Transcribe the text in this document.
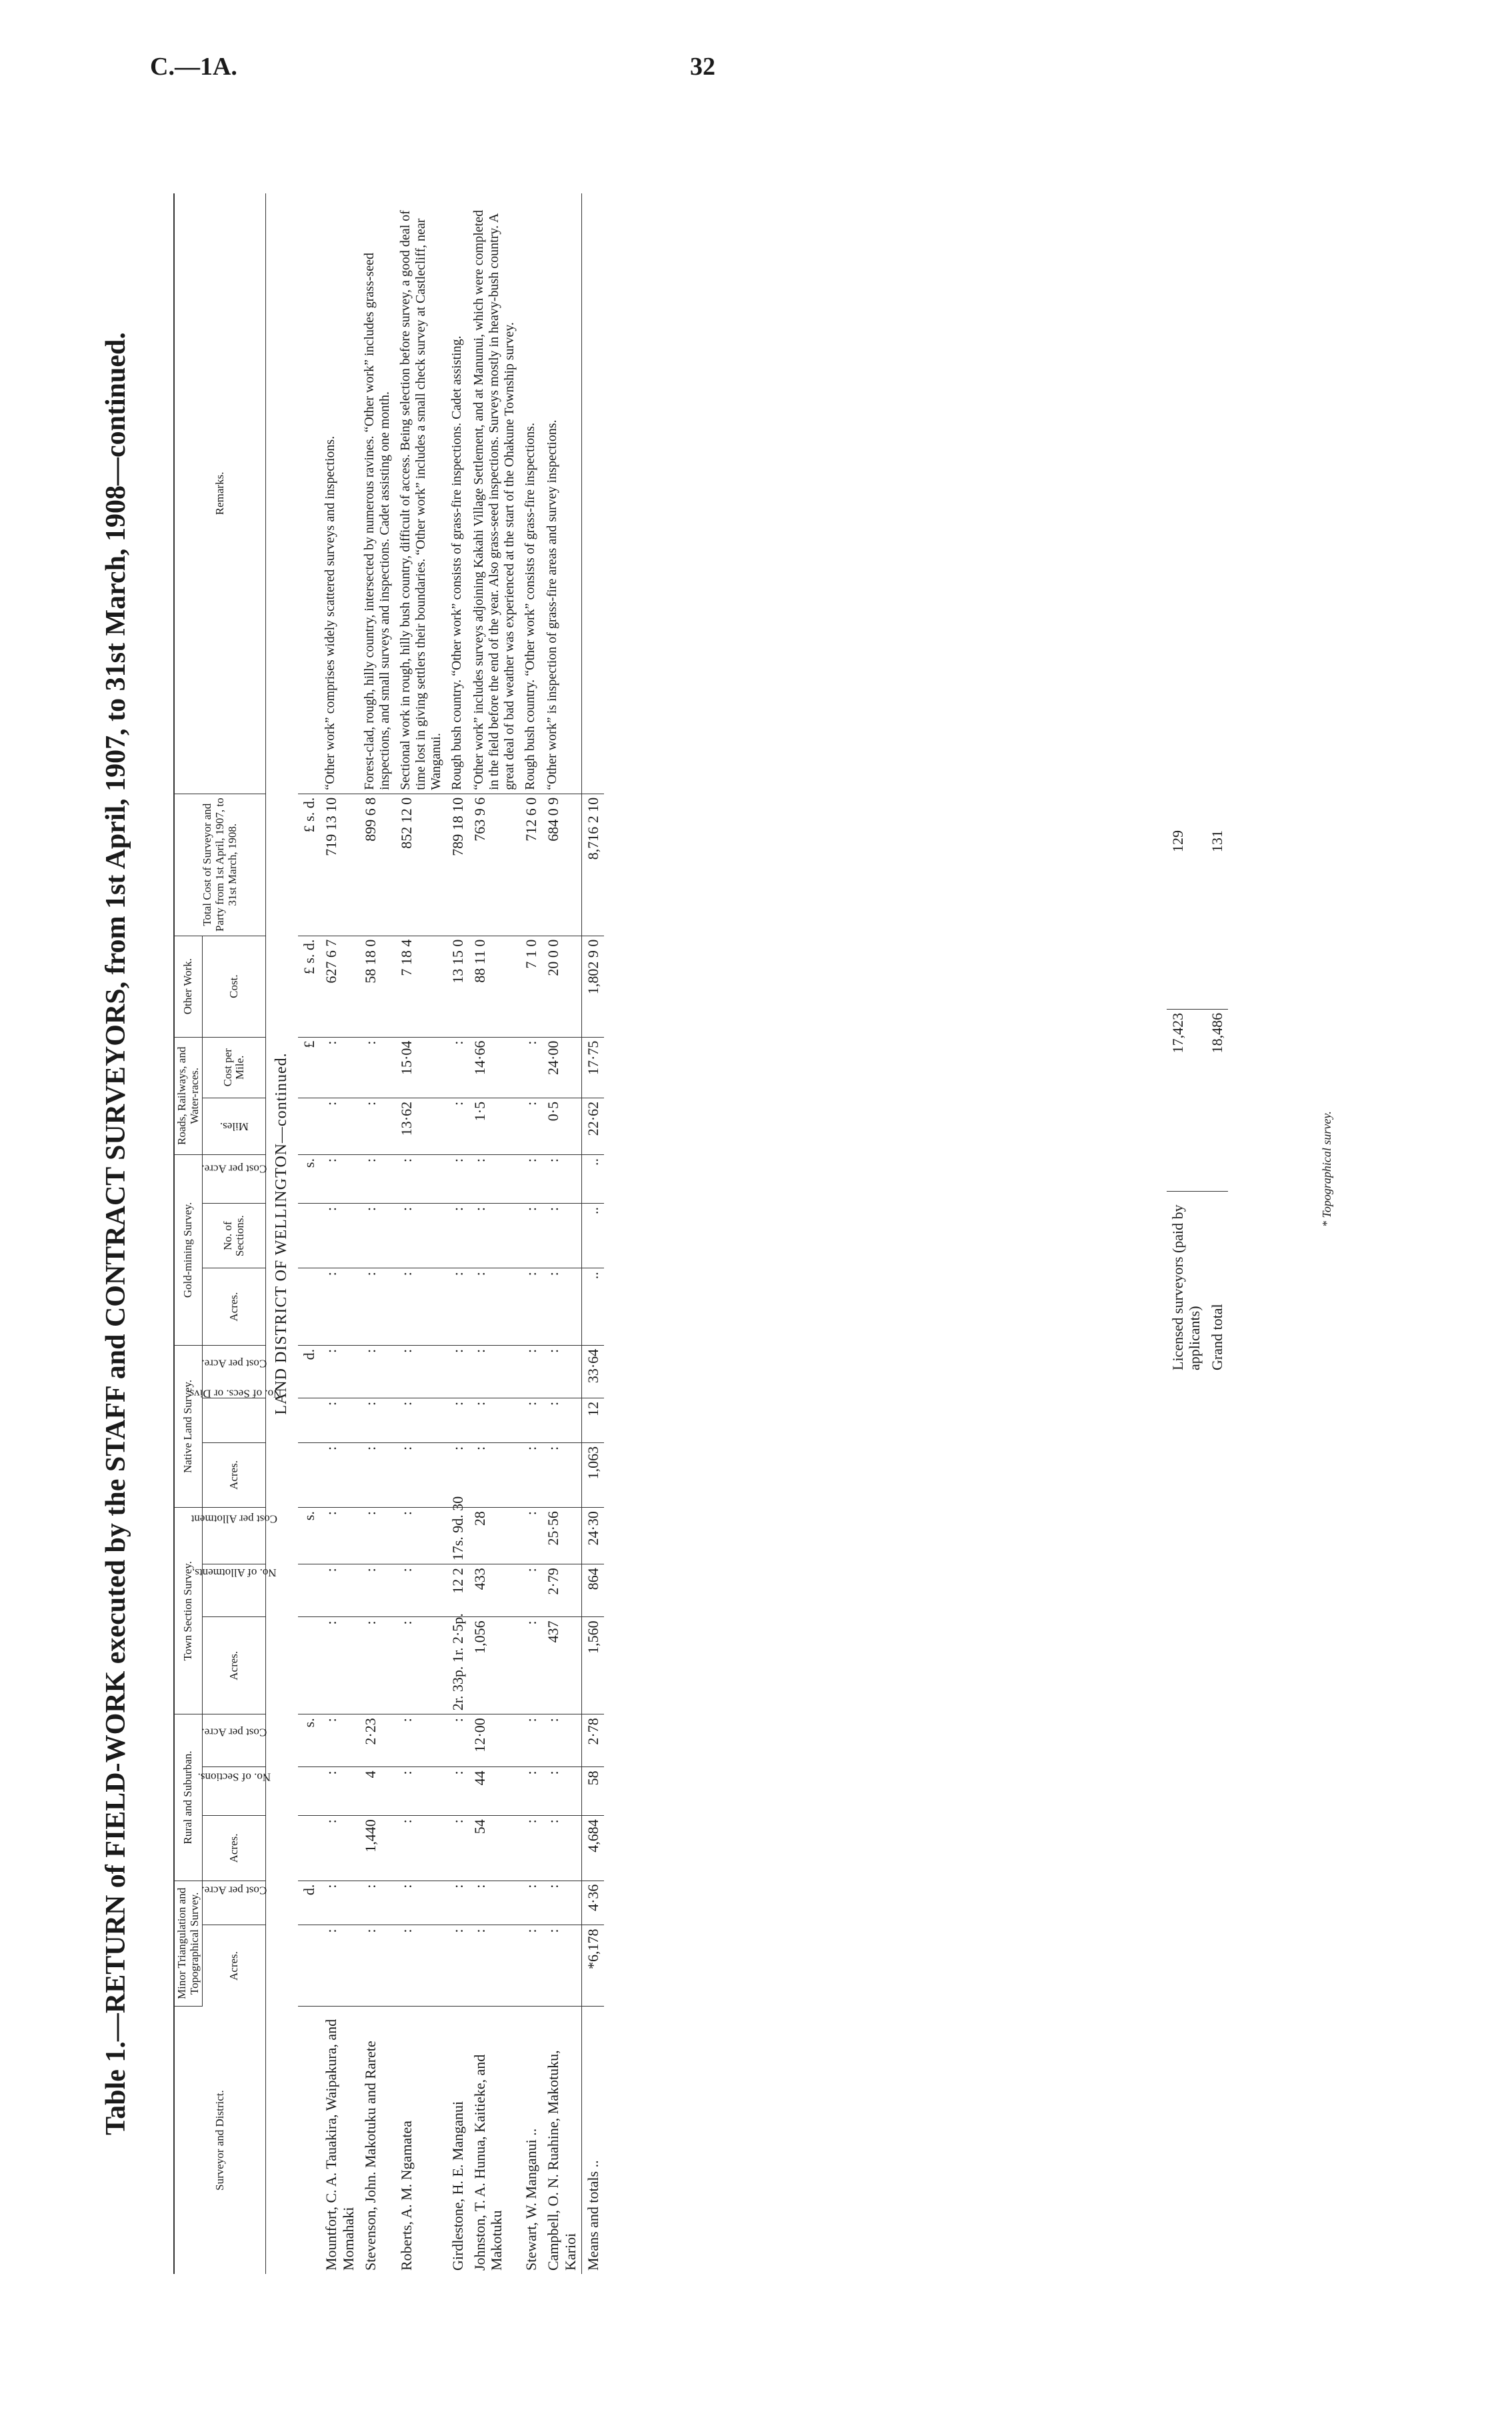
C.—1A.	32
Table 1.—RETURN of FIELD-WORK executed by the STAFF and CONTRACT SURVEYORS, from 1st April, 1907, to 31st March, 1908—continued.
Surveyor and District.	Minor Triangulation and Topographical Survey.		Rural and Suburban.			Town Section Survey.			Native Land Survey.			Gold-mining Survey.			Roads, Railways, and Water-races.		Other Work.	Total Cost of Surveyor and Party from 1st April, 1907, to 31st March, 1908.	Remarks.
	Acres.	Cost per Acre.	Acres.	No. of Sections.	Cost per Acre.	Acres.	No. of Allotments.	Cost per Allotment	Acres.	No. of Secs. or Divs.	Cost per Acre.	Acres.	No. of Sections.	Cost per Acre.	Miles.	Cost per Mile.	Cost.		
LAND DISTRICT OF WELLINGTON—continued.																			
		d.			s.			s.			d.			s.		£	£ s. d.	£ s. d.	
Mountfort, C. A. Tauakira, Waipakura, and Momahaki	:	:	:	:	:	:	:	:	:	:	:	:	:	:	:	:	627 6 7	719 13 10	“Other work” comprises widely scattered surveys and inspections.
Stevenson, John. Makotuku and Rarete	:	:	1,440	4	2·23	:	:	:	:	:	:	:	:	:	:	:	58 18 0	899 6 8	Forest-clad, rough, hilly country, intersected by numerous ravines. “Other work” includes grass-seed inspections, and small surveys and inspections. Cadet assisting one month.
Roberts, A. M. Ngamatea	:	:	:	:	:	:	:	:	:	:	:	:	:	:	13·62	15·04	7 18 4	852 12 0	Sectional work in rough, hilly bush country, difficult of access. Being selection before survey, a good deal of time lost in giving settlers their boundaries. “Other work” includes a small check survey at Castlecliff, near Wanganui.
Girdlestone, H. E. Manganui	:	:	:	:	:	2r. 33p. 1r. 2·5p.	12 2	17s. 9d. 30	:	:	:	:	:	:	:	:	13 15 0	789 18 10	Rough bush country. “Other work” consists of grass-fire inspections. Cadet assisting.
Johnston, T. A. Hunua, Kaitieke, and Makotuku	:	:	54	44	12·00	1,056	433	28	:	:	:	:	:	:	1·5	14·66	88 11 0	763 9 6	“Other work” includes surveys adjoining Kakahi Village Settlement, and at Manunui, which were completed in the field before the end of the year. Also grass-seed inspections. Surveys mostly in heavy-bush country. A great deal of bad weather was experienced at the start of the Ohakune Township survey.
Stewart, W. Manganui ..	:	:	:	:	:	:	:	:	:	:	:	:	:	:	:	:	7 1 0	712 6 0	Rough bush country. “Other work” consists of grass-fire inspections.
Campbell, O. N. Ruahine, Makotuku, Karioi	:	:	:	:	:	437	2·79	25·56	:	:	:	:	:	:	0·5	24·00	20 0 0	684 0 9	“Other work” is inspection of grass-fire areas and survey inspections.
Means and totals ..	*6,178	4·36	4,684	58	2·78	1,560	864	24·30	1,063	12	33·64	..	..	..	22·62	17·75	1,802 9 0	8,716 2 10	
Licensed surveyors (paid by applicants)	17,423	129
Grand total	18,486	131
* Topographical survey.
